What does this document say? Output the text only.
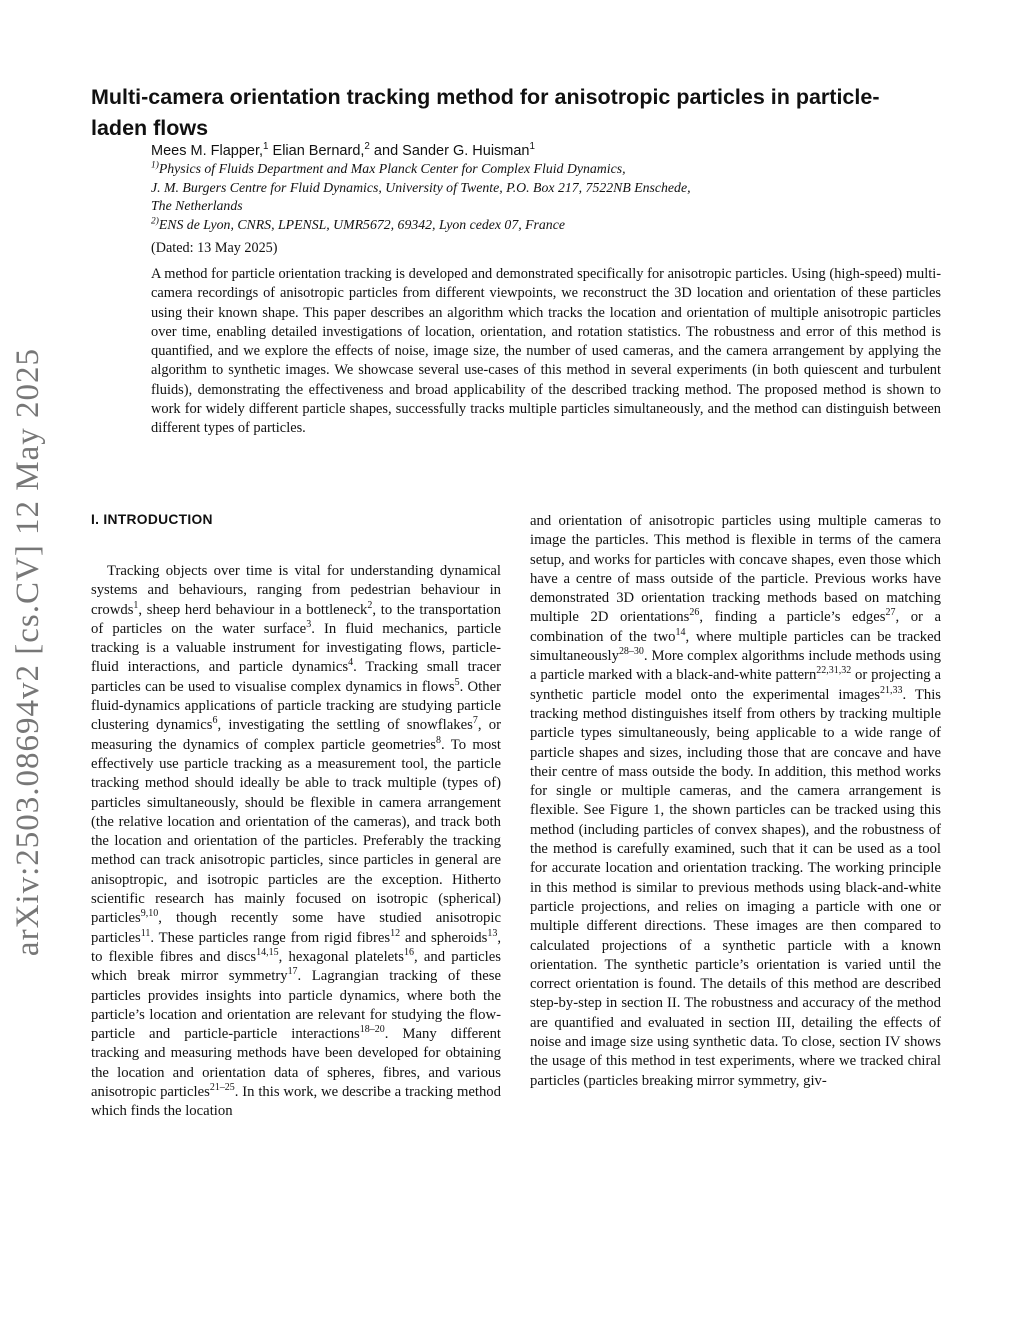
arXiv:2503.08694v2 [cs.CV] 12 May 2025
Multi-camera orientation tracking method for anisotropic particles in particle-laden flows
Mees M. Flapper,$^1$ Elian Bernard,$^2$ and Sander G. Huisman$^1$
$^{1)}$Physics of Fluids Department and Max Planck Center for Complex Fluid Dynamics,
J. M. Burgers Centre for Fluid Dynamics, University of Twente, P.O. Box 217, 7522NB Enschede,
The Netherlands
$^{2)}$ENS de Lyon, CNRS, LPENSL, UMR5672, 69342, Lyon cedex 07, France
(Dated: 13 May 2025)

A method for particle orientation tracking is developed and demonstrated specifically for anisotropic particles. Using (high-speed) multi-camera recordings of anisotropic particles from different viewpoints, we reconstruct the 3D location and orientation of these particles using their known shape. This paper describes an algorithm which tracks the location and orientation of multiple anisotropic particles over time, enabling detailed investigations of location, orientation, and rotation statistics. The robustness and error of this method is quantified, and we explore the effects of noise, image size, the number of used cameras, and the camera arrangement by applying the algorithm to synthetic images. We showcase several use-cases of this method in several experiments (in both quiescent and turbulent fluids), demonstrating the effectiveness and broad applicability of the described tracking method. The proposed method is shown to work for widely different particle shapes, successfully tracks multiple particles simultaneously, and the method can distinguish between different types of particles.

I. INTRODUCTION

Tracking objects over time is vital for understanding dynamical systems and behaviours, ranging from pedestrian behaviour in crowds$^1$, sheep herd behaviour in a bottleneck$^2$, to the transportation of particles on the water surface$^3$. In fluid mechanics, particle tracking is a valuable instrument for investigating flows, particle-fluid interactions, and particle dynamics$^4$. Tracking small tracer particles can be used to visualise complex dynamics in flows$^5$. Other fluid-dynamics applications of particle tracking are studying particle clustering dynamics$^6$, investigating the settling of snowflakes$^7$, or measuring the dynamics of complex particle geometries$^8$. To most effectively use particle tracking as a measurement tool, the particle tracking method should ideally be able to track multiple (types of) particles simultaneously, should be flexible in camera arrangement (the relative location and orientation of the cameras), and track both the location and orientation of the particles. Preferably the tracking method can track anisotropic particles, since particles in general are anisoptropic, and isotropic particles are the exception. Hitherto scientific research has mainly focused on isotropic (spherical) particles$^{9,10}$, though recently some have studied anisotropic particles$^{11}$. These particles range from rigid fibres$^{12}$ and spheroids$^{13}$, to flexible fibres and discs$^{14,15}$, hexagonal platelets$^{16}$, and particles which break mirror symmetry$^{17}$. Lagrangian tracking of these particles provides insights into particle dynamics, where both the particle’s location and orientation are relevant for studying the flow-particle and particle-particle interactions$^{18-20}$. Many different tracking and measuring methods have been developed for obtaining the location and orientation data of spheres, fibres, and various anisotropic particles$^{21-25}$. In this work, we describe a tracking method which finds the location

and orientation of anisotropic particles using multiple cameras to image the particles. This method is flexible in terms of the camera setup, and works for particles with concave shapes, even those which have a centre of mass outside of the particle. Previous works have demonstrated 3D orientation tracking methods based on matching multiple 2D orientations$^{26}$, finding a particle’s edges$^{27}$, or a combination of the two$^{14}$, where multiple particles can be tracked simultaneously$^{28-30}$. More complex algorithms include methods using a particle marked with a black-and-white pattern$^{22,31,32}$ or projecting a synthetic particle model onto the experimental images$^{21,33}$. This tracking method distinguishes itself from others by tracking multiple particle types simultaneously, being applicable to a wide range of particle shapes and sizes, including those that are concave and have their centre of mass outside the body. In addition, this method works for single or multiple cameras, and the camera arrangement is flexible. See Figure 1, the shown particles can be tracked using this method (including particles of convex shapes), and the robustness of the method is carefully examined, such that it can be used as a tool for accurate location and orientation tracking. The working principle in this method is similar to previous methods using black-and-white particle projections, and relies on imaging a particle with one or multiple different directions. These images are then compared to calculated projections of a synthetic particle with a known orientation. The synthetic particle’s orientation is varied until the correct orientation is found. The details of this method are described step-by-step in section II. The robustness and accuracy of the method are quantified and evaluated in section III, detailing the effects of noise and image size using synthetic data. To close, section IV shows the usage of this method in test experiments, where we tracked chiral particles (particles breaking mirror symmetry, giv-
